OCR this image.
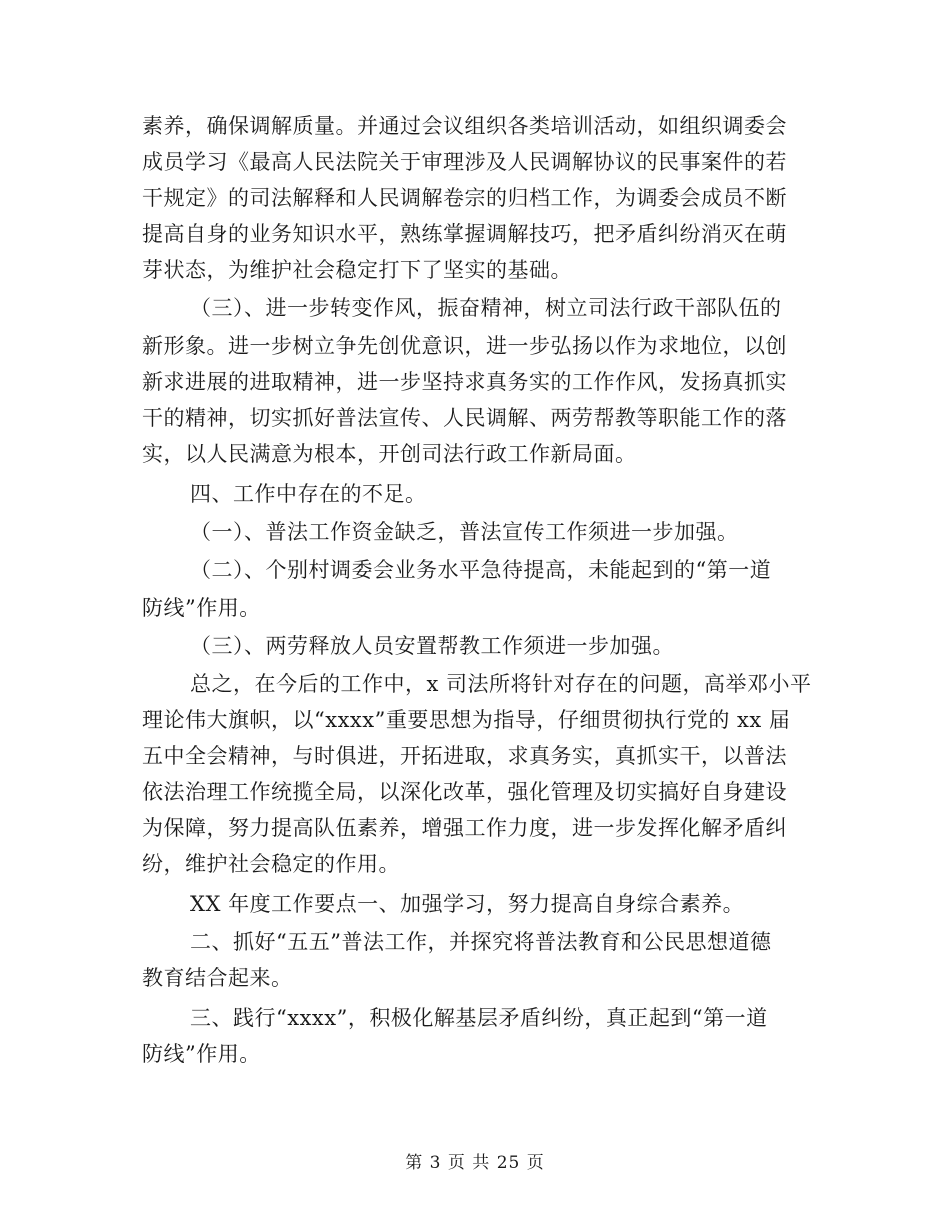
素养，确保调解质量。并通过会议组织各类培训活动，如组织调委会
成员学习《最高人民法院关于审理涉及人民调解协议的民事案件的若
干规定》的司法解释和人民调解卷宗的归档工作，为调委会成员不断
提高自身的业务知识水平，熟练掌握调解技巧，把矛盾纠纷消灭在萌
芽状态，为维护社会稳定打下了坚实的基础。
（三）、进一步转变作风，振奋精神，树立司法行政干部队伍的
新形象。进一步树立争先创优意识，进一步弘扬以作为求地位，以创
新求进展的进取精神，进一步坚持求真务实的工作作风，发扬真抓实
干的精神，切实抓好普法宣传、人民调解、两劳帮教等职能工作的落
实，以人民满意为根本，开创司法行政工作新局面。
四、工作中存在的不足。
（一）、普法工作资金缺乏，普法宣传工作须进一步加强。
（二）、个别村调委会业务水平急待提高，未能起到的“第一道
防线”作用。
（三）、两劳释放人员安置帮教工作须进一步加强。
总之，在今后的工作中，x 司法所将针对存在的问题，高举邓小平
理论伟大旗帜，以“xxxx”重要思想为指导，仔细贯彻执行党的 xx 届
五中全会精神，与时俱进，开拓进取，求真务实，真抓实干，以普法
依法治理工作统揽全局，以深化改革，强化管理及切实搞好自身建设
为保障，努力提高队伍素养，增强工作力度，进一步发挥化解矛盾纠
纷，维护社会稳定的作用。
XX 年度工作要点一、加强学习，努力提高自身综合素养。
二、抓好“五五”普法工作，并探究将普法教育和公民思想道德
教育结合起来。
三、践行“xxxx”，积极化解基层矛盾纠纷，真正起到“第一道
防线”作用。
第 3 页 共 25 页
